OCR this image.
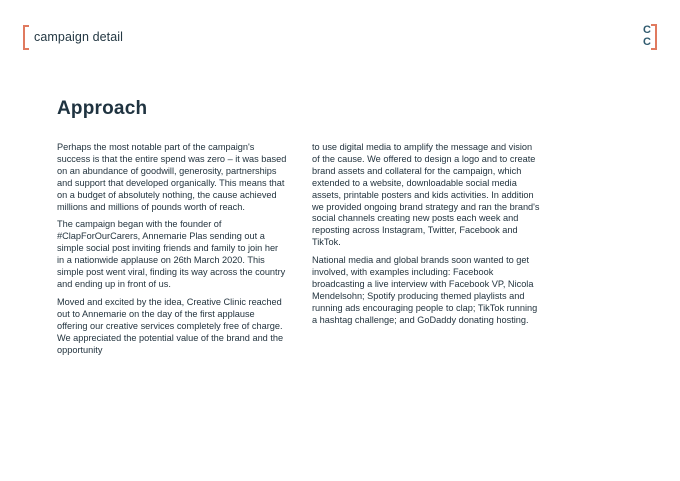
campaign detail	C
C
Approach

Perhaps the most notable part of the campaign's success is that the entire spend was zero – it was based on an abundance of goodwill, generosity, partnerships and support that developed organically. This means that on a budget of absolutely nothing, the cause achieved millions and millions of pounds worth of reach.

The campaign began with the founder of #ClapForOurCarers, Annemarie Plas sending out a simple social post inviting friends and family to join her in a nationwide applause on 26th March 2020. This simple post went viral, finding its way across the country and ending up in front of us.

Moved and excited by the idea, Creative Clinic reached out to Annemarie on the day of the first applause offering our creative services completely free of charge. We appreciated the potential value of the brand and the opportunity

to use digital media to amplify the message and vision of the cause. We offered to design a logo and to create brand assets and collateral for the campaign, which extended to a website, downloadable social media assets, printable posters and kids activities. In addition we provided ongoing brand strategy and ran the brand's social channels creating new posts each week and reposting across Instagram, Twitter, Facebook and TikTok.

National media and global brands soon wanted to get involved, with examples including: Facebook broadcasting a live interview with Facebook VP, Nicola Mendelsohn; Spotify producing themed playlists and running ads encouraging people to clap; TikTok running a hashtag challenge; and GoDaddy donating hosting.
